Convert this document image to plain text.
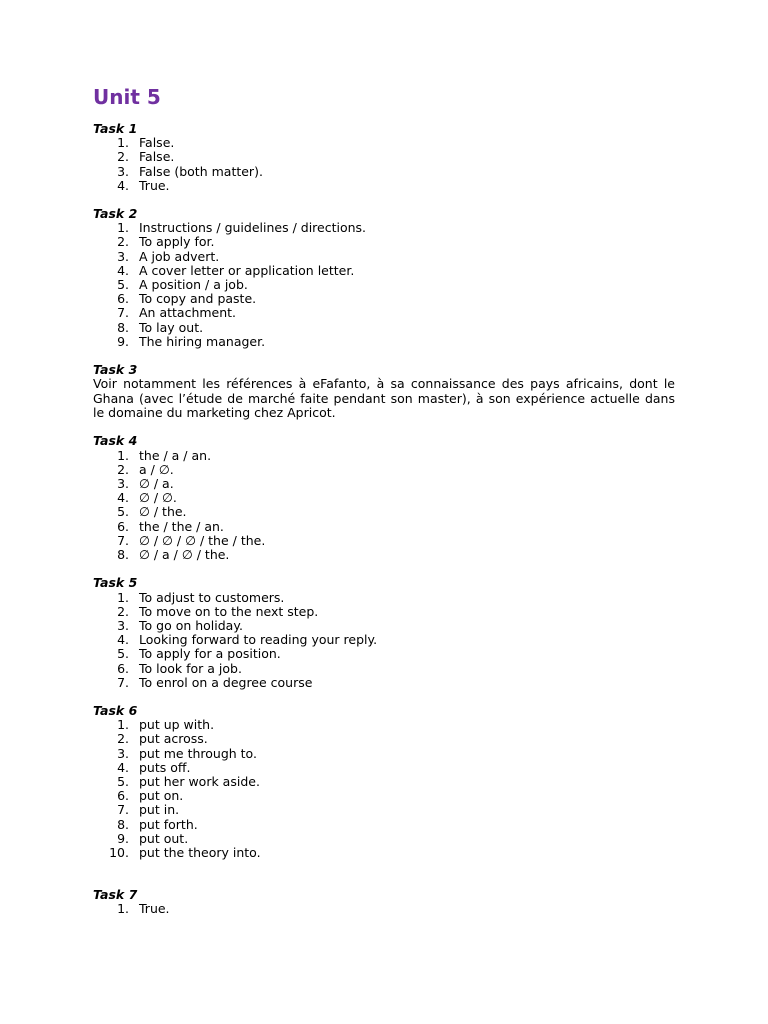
Unit 5
Task 1
1. False.
2. False.
3. False (both matter).
4. True.
Task 2
1. Instructions / guidelines / directions.
2. To apply for.
3. A job advert.
4. A cover letter or application letter.
5. A position / a job.
6. To copy and paste.
7. An attachment.
8. To lay out.
9. The hiring manager.
Task 3

Voir notamment les références à eFafanto, à sa connaissance des pays africains, dont le Ghana (avec l’étude de marché faite pendant son master), à son expérience actuelle dans le domaine du marketing chez Apricot.

Task 4
1. the / a / an.
2. a / ∅.
3. ∅ / a.
4. ∅ / ∅.
5. ∅ / the.
6. the / the / an.
7. ∅ / ∅ / ∅ / the / the.
8. ∅ / a / ∅ / the.
Task 5
1. To adjust to customers.
2. To move on to the next step.
3. To go on holiday.
4. Looking forward to reading your reply.
5. To apply for a position.
6. To look for a job.
7. To enrol on a degree course
Task 6
1. put up with.
2. put across.
3. put me through to.
4. puts off.
5. put her work aside.
6. put on.
7. put in.
8. put forth.
9. put out.
10. put the theory into.
Task 7
1. True.
